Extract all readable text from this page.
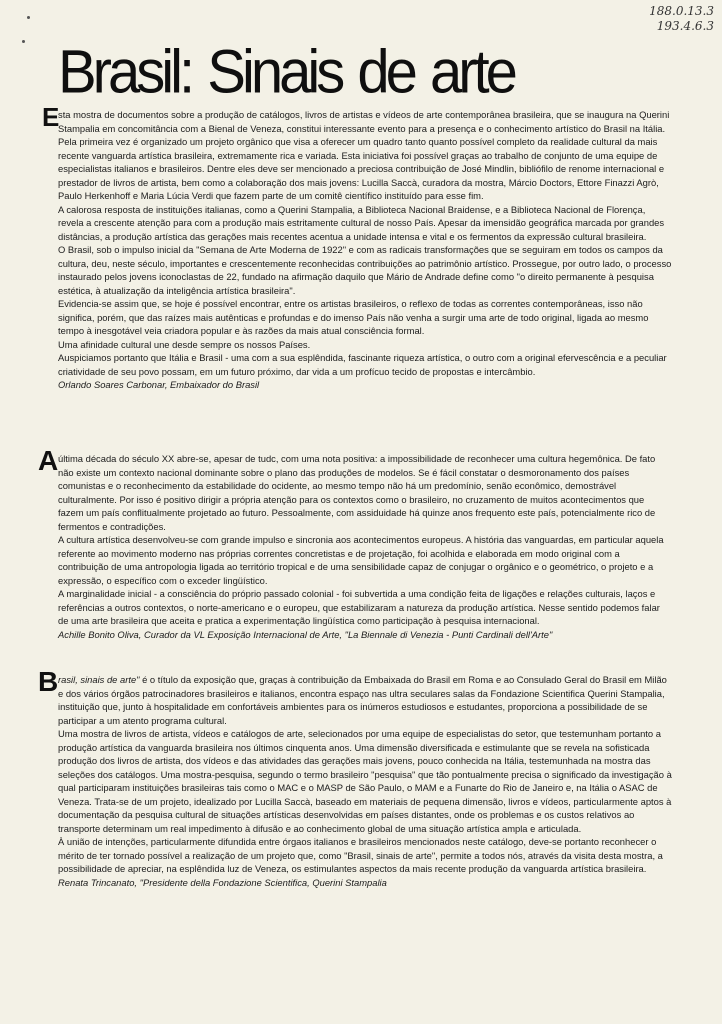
188.0.13.3
193.4.6.3
Brasil: Sinais de arte
E

sta mostra de documentos sobre a produção de catálogos, livros de artistas e vídeos de arte contemporânea brasileira, que se inaugura na Querini Stampalia em concomitância com a Bienal de Veneza, constitui interessante evento para a presença e o conhecimento artístico do Brasil na Itália.

Pela primeira vez é organizado um projeto orgânico que visa a oferecer um quadro tanto quanto possível completo da realidade cultural da mais recente vanguarda artística brasileira, extremamente rica e variada. Esta iniciativa foi possível graças ao trabalho de conjunto de uma equipe de especialistas italianos e brasileiros. Dentre eles deve ser mencionado a preciosa contribuição de José Mindlin, bibliófilo de renome internacional e prestador de livros de artista, bem como a colaboração dos mais jovens: Lucilla Saccà, curadora da mostra, Márcio Doctors, Ettore Finazzi Agrò, Paulo Herkenhoff e Maria Lúcia Verdi que fazem parte de um comitê científico instituído para esse fim.

A calorosa resposta de instituições italianas, como a Querini Stampalia, a Biblioteca Nacional Braidense, e a Biblioteca Nacional de Florença, revela a crescente atenção para com a produção mais estritamente cultural de nosso País. Apesar da imensidão geográfica marcada por grandes distâncias, a produção artística das gerações mais recentes acentua a unidade intensa e vital e os fermentos da expressão cultural brasileira.

O Brasil, sob o impulso inicial da "Semana de Arte Moderna de 1922" e com as radicais transformações que se seguiram em todos os campos da cultura, deu, neste século, importantes e crescentemente reconhecidas contribuições ao patrimônio artístico. Prossegue, por outro lado, o processo instaurado pelos jovens iconoclastas de 22, fundado na afirmação daquilo que Mário de Andrade define como "o direito permanente à pesquisa estética, à atualização da inteligência artística brasileira".

Evidencia-se assim que, se hoje é possível encontrar, entre os artistas brasileiros, o reflexo de todas as correntes contemporâneas, isso não significa, porém, que das raízes mais autênticas e profundas e do imenso País não venha a surgir uma arte de todo original, ligada ao mesmo tempo à inesgotável veia criadora popular e às razões da mais atual consciência formal.

Uma afinidade cultural une desde sempre os nossos Países.

Auspiciamos portanto que Itália e Brasil - uma com a sua esplêndida, fascinante riqueza artística, o outro com a original efervescência e a peculiar criatividade de seu povo possam, em um futuro próximo, dar vida a um profícuo tecido de propostas e intercâmbio.

Orlando Soares Carbonar, Embaixador do Brasil

A última década do século XX abre-se, apesar de tudc, com uma nota positiva: a impossibilidade de reconhecer uma cultura hegemônica. De fato não existe um contexto nacional dominante sobre o plano das produções de modelos. Se é fácil constatar o desmoronamento dos países comunistas e o reconhecimento da estabilidade do ocidente, ao mesmo tempo não há um predomínio, senão econômico, demostrável culturalmente. Por isso é positivo dirigir a própria atenção para os contextos como o brasileiro, no cruzamento de muitos acontecimentos que fazem um país conflitualmente projetado ao futuro. Pessoalmente, com assiduidade há quinze anos frequento este país, potencialmente rico de fermentos e contradições.

A cultura artística desenvolveu-se com grande impulso e sincronia aos acontecimentos europeus. A história das vanguardas, em particular aquela referente ao movimento moderno nas próprias correntes concretistas e de projetação, foi acolhida e elaborada em modo original com a contribuição de uma antropologia ligada ao território tropical e de uma sensibilidade capaz de conjugar o orgânico e o geométrico, o projeto e a expressão, o específico com o exceder lingüístico.

A marginalidade inicial - a consciência do próprio passado colonial - foi subvertida a uma condição feita de ligações e relações culturais, laços e referências a outros contextos, o norte-americano e o europeu, que estabilizaram a natureza da produção artística. Nesse sentido podemos falar de uma arte brasileira que aceita e pratica a experimentação lingüística como participação à pesquisa internacional.

Achille Bonito Oliva, Curador da VL Exposição Internacional de Arte, "La Biennale di Venezia - Punti Cardinali dell'Arte"

B rasil, sinais de arte" é o título da exposição que, graças à contribuição da Embaixada do Brasil em Roma e ao Consulado Geral do Brasil em Milão e dos vários órgãos patrocinadores brasileiros e italianos, encontra espaço nas ultra seculares salas da Fondazione Scientifica Querini Stampalia, instituição que, junto à hospitalidade em confortáveis ambientes para os inúmeros estudiosos e estudantes, proporciona a possibilidade de se participar a um atento programa cultural.

Uma mostra de livros de artista, vídeos e catálogos de arte, selecionados por uma equipe de especialistas do setor, que testemunham portanto a produção artística da vanguarda brasileira nos últimos cinquenta anos. Uma dimensão diversificada e estimulante que se revela na sofisticada produção dos livros de artista, dos vídeos e das atividades das gerações mais jovens, pouco conhecida na Itália, testemunhada na mostra das seleções dos catálogos. Uma mostra-pesquisa, segundo o termo brasileiro "pesquisa" que tão pontualmente precisa o significado da investigação à qual participaram instituições brasileiras tais como o MAC e o MASP de São Paulo, o MAM e a Funarte do Rio de Janeiro e, na Itália o ASAC de Veneza. Trata-se de um projeto, idealizado por Lucilla Saccà, baseado em materiais de pequena dimensão, livros e vídeos, particularmente aptos à documentação da pesquisa cultural de situações artísticas desenvolvidas em países distantes, onde os problemas e os custos relativos ao transporte determinam um real impedimento à difusão e ao conhecimento global de uma situação artística ampla e articulada.

À união de intenções, particularmente difundida entre órgaos italianos e brasileiros mencionados neste catálogo, deve-se portanto reconhecer o mérito de ter tornado possível a realização de um projeto que, como "Brasil, sinais de arte", permite a todos nós, através da visita desta mostra, a possibilidade de apreciar, na esplêndida luz de Veneza, os estimulantes aspectos da mais recente produção da vanguarda artística brasileira.

Renata Trincanato, "Presidente della Fondazione Scientifica, Querini Stampalia
